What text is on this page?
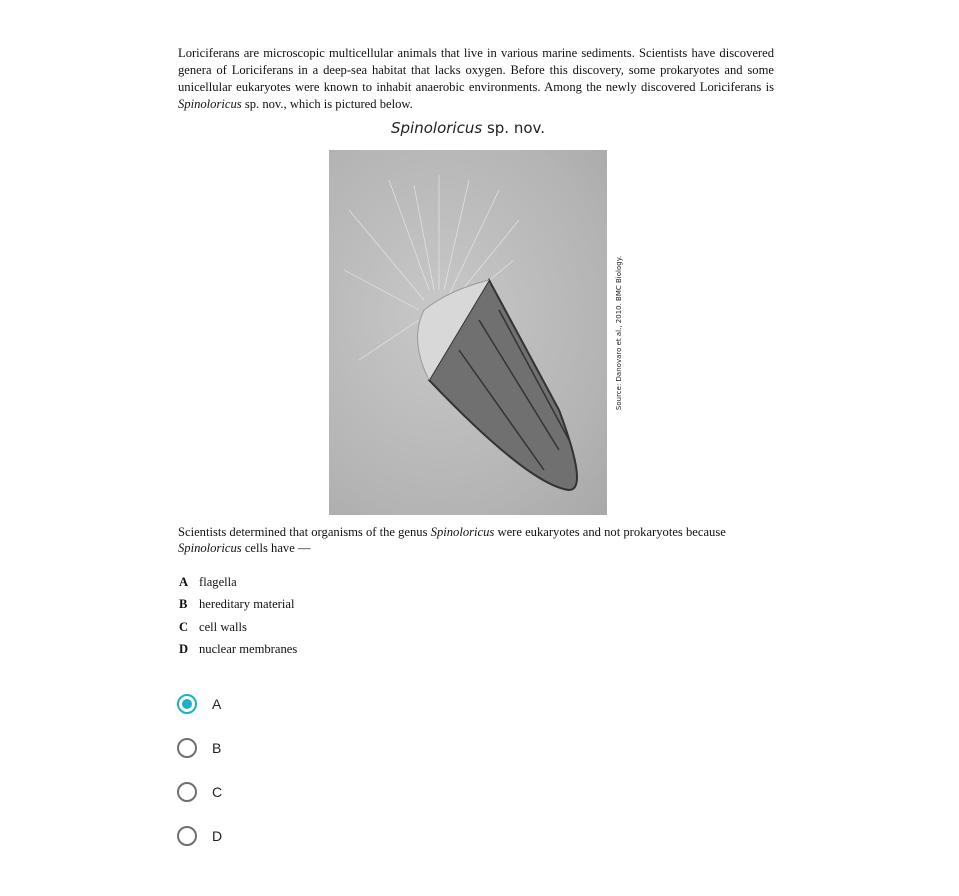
Loriciferans are microscopic multicellular animals that live in various marine sediments. Scientists have discovered genera of Loriciferans in a deep-sea habitat that lacks oxygen. Before this discovery, some prokaryotes and some unicellular eukaryotes were known to inhabit anaerobic environments. Among the newly discovered Loriciferans is Spinoloricus sp. nov., which is pictured below.
Spinoloricus sp. nov.
Source: Danovaro et al., 2010. BMC Biology.
Scientists determined that organisms of the genus Spinoloricus were eukaryotes and not prokaryotes because
Spinoloricus cells have —
A flagella
B hereditary material
C cell walls
D nuclear membranes
A
B
C
D
